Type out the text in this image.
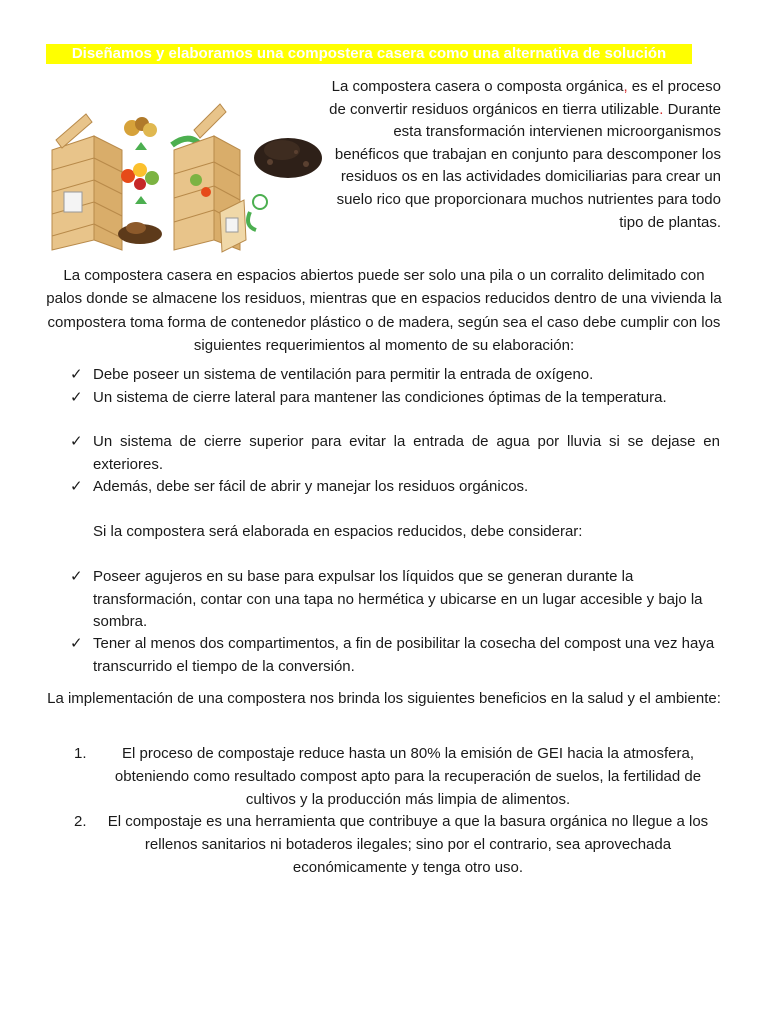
Diseñamos y elaboramos una compostera casera como una alternativa de solución

La compostera casera o composta orgánica, es el proceso de convertir residuos orgánicos en tierra utilizable. Durante esta transformación intervienen microorganismos benéficos que trabajan en conjunto para descomponer los residuos os en las actividades domiciliarias para crear un suelo rico que proporcionara muchos nutrientes para todo tipo de plantas.

La compostera casera en espacios abiertos puede ser solo una pila o un corralito delimitado con palos donde se almacene los residuos, mientras que en espacios reducidos dentro de una vivienda la compostera toma forma de contenedor plástico o de madera, según sea el caso debe cumplir con los siguientes requerimientos al momento de su elaboración:

✓ Debe poseer un sistema de ventilación para permitir la entrada de oxígeno.

✓ Un sistema de cierre lateral para mantener las condiciones óptimas de la temperatura.

✓ Un sistema de cierre superior para evitar la entrada de agua por lluvia si se dejase en exteriores.

✓ Además, debe ser fácil de abrir y manejar los residuos orgánicos.

Si la compostera será elaborada en espacios reducidos, debe considerar:

✓ Poseer agujeros en su base para expulsar los líquidos que se generan durante la transformación, contar con una tapa no hermética y ubicarse en un lugar accesible y bajo la sombra.

✓ Tener al menos dos compartimentos, a fin de posibilitar la cosecha del compost una vez haya transcurrido el tiempo de la conversión.

La implementación de una compostera nos brinda los siguientes beneficios en la salud y el ambiente:

1.	El proceso de compostaje reduce hasta un 80% la emisión de GEI hacia la atmosfera, obteniendo como resultado compost apto para la recuperación de suelos, la fertilidad de cultivos y la producción más limpia de alimentos.

2.	El compostaje es una herramienta que contribuye a que la basura orgánica no llegue a los rellenos sanitarios ni botaderos ilegales; sino por el contrario, sea aprovechada económicamente y tenga otro uso.
